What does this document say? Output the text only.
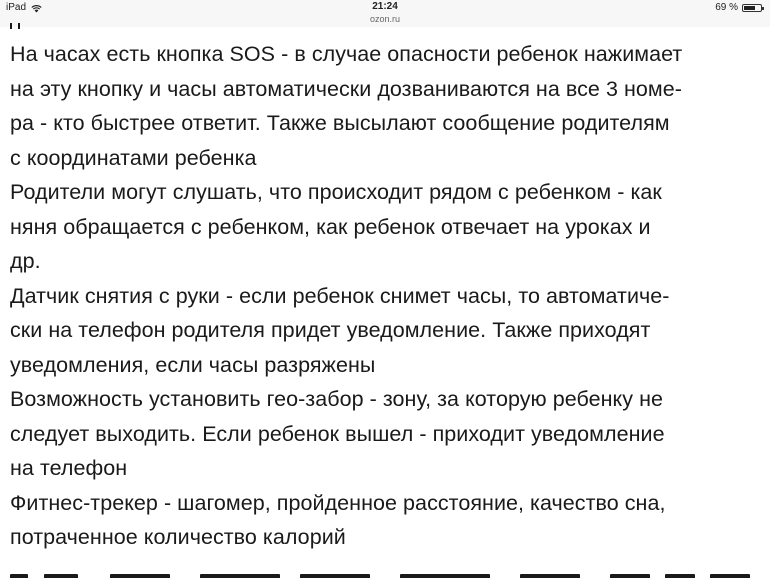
iPad	21:24	69 %
ozon.ru
На часах есть кнопка SOS - в случае опасности ребенок нажимает
на эту кнопку и часы автоматически дозваниваются на все 3 номе-
ра - кто быстрее ответит. Также высылают сообщение родителям
с координатами ребенка
Родители могут слушать, что происходит рядом с ребенком - как
няня обращается с ребенком, как ребенок отвечает на уроках и
др.
Датчик снятия с руки - если ребенок снимет часы, то автоматиче-
ски на телефон родителя придет уведомление. Также приходят
уведомления, если часы разряжены
Возможность установить гео-забор - зону, за которую ребенку не
следует выходить. Если ребенок вышел - приходит уведомление
на телефон
Фитнес-трекер - шагомер, пройденное расстояние, качество сна,
потраченное количество калорий
